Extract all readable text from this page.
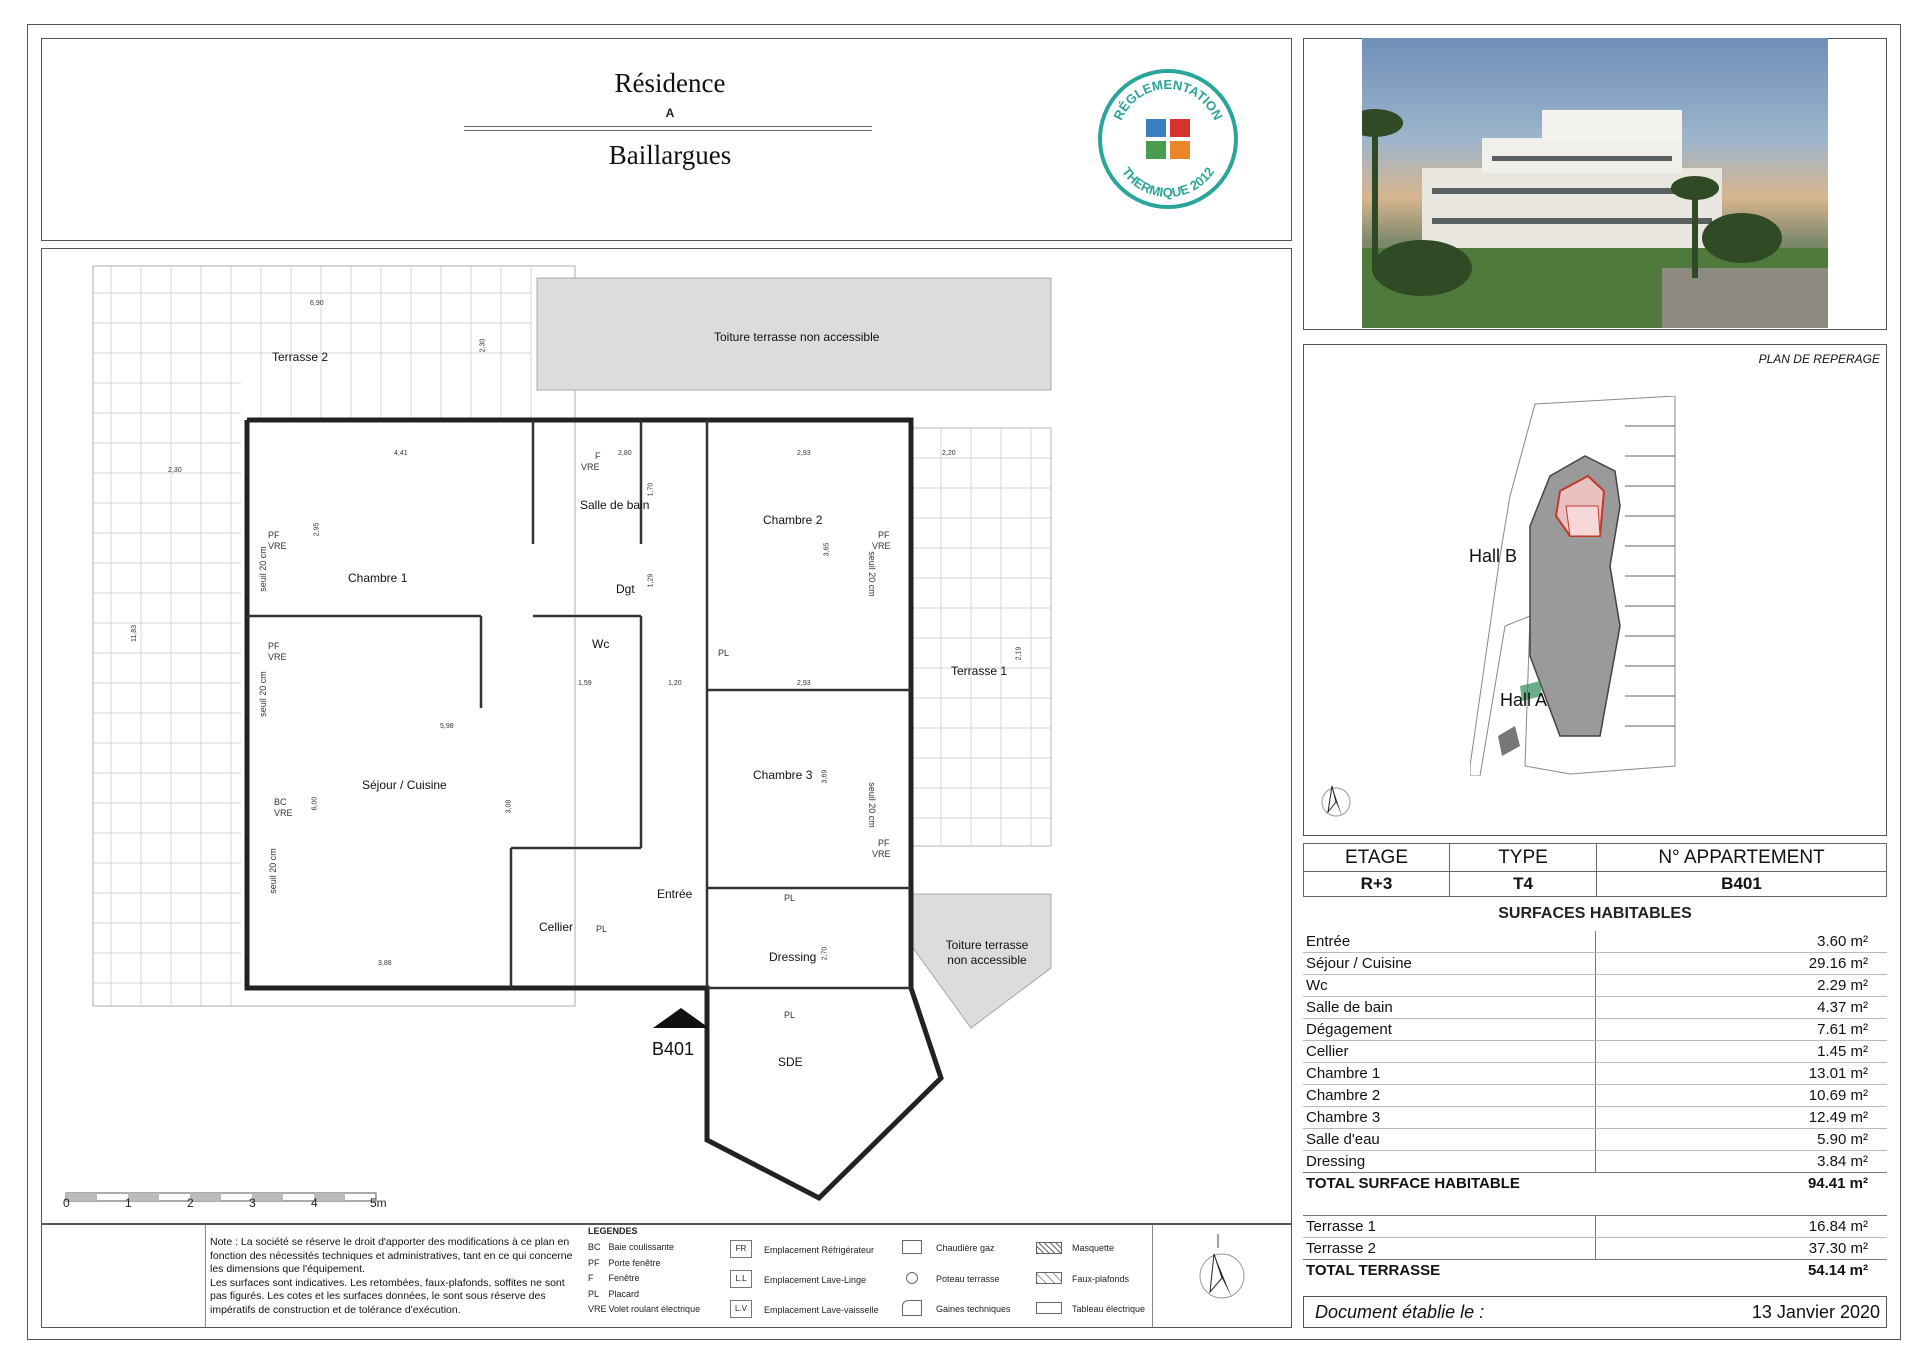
Résidence
A
Baillargues
RÉGLEMENTATION
THERMIQUE 2012
Terrasse 2
Toiture terrasse non accessible
Chambre 1
Salle de bain
Chambre 2
Dgt
Wc
Terrasse 1
Séjour / Cuisine
Chambre 3
Entrée
Cellier
Dressing
SDE
Toiture terrasse
non accessible
PF
VRE
PF
VRE
BC
VRE
F
VRE
PF
VRE
PF
VRE
PL
PL
PL
PL
seuil 20 cm
seuil 20 cm
seuil 20 cm
seuil 20 cm
seuil 20 cm
6,90
2,30
2,30
4,41	2,80	2,93	2,20
11,83
2,95
1,70
1,59	1,20	2,93
5,98
6,00	3,08
3,69
3,88
2,19
3,65
1,29
2,70
B401
0	1	2	3	4	5m
Note : La société se réserve le droit d'apporter des modifications à ce plan en fonction des nécessités techniques et administratives, tant en ce qui concerne les dimensions que l'équipement.
Les surfaces sont indicatives. Les retombées, faux-plafonds, soffites ne sont pas figurés. Les cotes et les surfaces données, le sont sous réserve des impératifs de construction et de tolérance d'exécution.
LEGENDES
BC Baie coulissante
PF Porte fenêtre
F Fenêtre
PL Placard
VRE Volet roulant électrique
FR	Emplacement Réfrigérateur
L.L	Emplacement Lave-Linge
L.V	Emplacement Lave-vaisselle
Chaudière gaz
Poteau terrasse
Gaines techniques
Masquette
Faux-plafonds
Tableau électrique
PLAN DE REPERAGE
Hall B
Hall A
ETAGE	TYPE	N° APPARTEMENT
R+3	T4	B401
SURFACES HABITABLES
Entrée	3.60 m²
Séjour / Cuisine	29.16 m²
Wc	2.29 m²
Salle de bain	4.37 m²
Dégagement	7.61 m²
Cellier	1.45 m²
Chambre 1	13.01 m²
Chambre 2	10.69 m²
Chambre 3	12.49 m²
Salle d'eau	5.90 m²
Dressing	3.84 m²
TOTAL SURFACE HABITABLE	94.41 m²
Terrasse 1	16.84 m²
Terrasse 2	37.30 m²
TOTAL TERRASSE	54.14 m²
Document établie le :	13 Janvier 2020
